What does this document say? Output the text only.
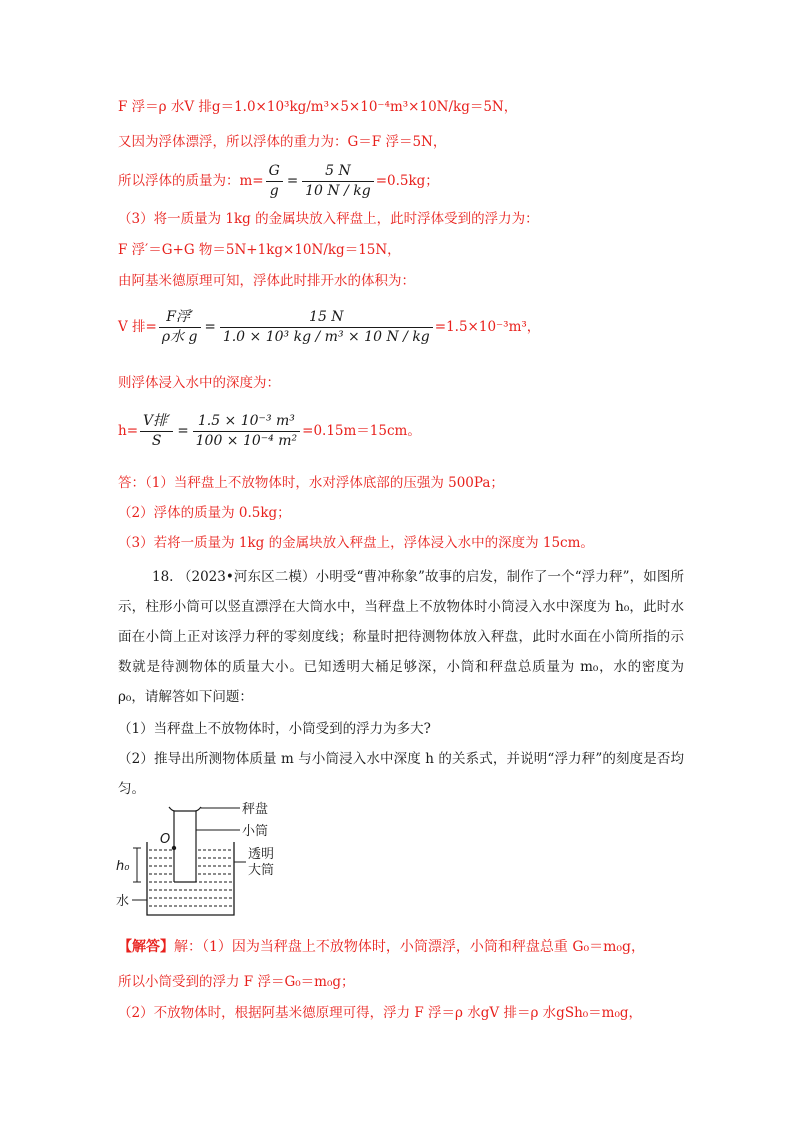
F 浮＝ρ 水V 排g＝1.0×10³kg/m³×5×10⁻⁴m³×10N/kg＝5N，
又因为浮体漂浮，所以浮体的重力为：G＝F 浮＝5N，
所以浮体的质量为：$m= \frac{G}{g} = \frac{5 N}{10 N / kg} =0.5kg$；
（3）将一质量为 1kg 的金属块放入秤盘上，此时浮体受到的浮力为：
F 浮′＝G+G 物＝5N+1kg×10N/kg＝15N，
由阿基米德原理可知，浮体此时排开水的体积为：
V 排= $\frac{\text{F浮′}}{\text{ρ水 g}} = \frac{15 N}{\text{1.0 × 10³ kg / m³ × 10 N / kg}} =1.5\times 10^{-3}m^3$，
则浮体浸入水中的深度为：
$h= \frac{\text{V排′}}{S} = \frac{\text{1.5 × 10⁻³ m³}}{\text{100 × 10⁻⁴ m²}} =0.15m=15cm$。
答：（1）当秤盘上不放物体时，水对浮体底部的压强为 500Pa；
（2）浮体的质量为 0.5kg；
（3）若将一质量为 1kg 的金属块放入秤盘上，浮体浸入水中的深度为 15cm。
18. （2023•河东区二模）小明受“曹冲称象”故事的启发，制作了一个“浮力秤”，如图所示，柱形小筒可以竖直漂浮在大筒水中，当秤盘上不放物体时小筒浸入水中深度为 h₀，此时水面在小筒上正对该浮力秤的零刻度线；称量时把待测物体放入秤盘，此时水面在小筒所指的示数就是待测物体的质量大小。已知透明大桶足够深，小筒和秤盘总质量为 m₀，水的密度为 ρ₀，请解答如下问题：
（1）当秤盘上不放物体时，小筒受到的浮力为多大?
（2）推导出所测物体质量 m 与小筒浸入水中深度 h 的关系式，并说明“浮力秤”的刻度是否均匀。
秤盘
小筒
透明
大筒
水
O
h₀
【解答】解：（1）因为当秤盘上不放物体时，小筒漂浮，小筒和秤盘总重 G₀＝m₀g，
所以小筒受到的浮力 F 浮＝G₀＝m₀g；
（2）不放物体时，根据阿基米德原理可得，浮力 F 浮＝ρ 水gV 排＝ρ 水gSh₀＝m₀g，
